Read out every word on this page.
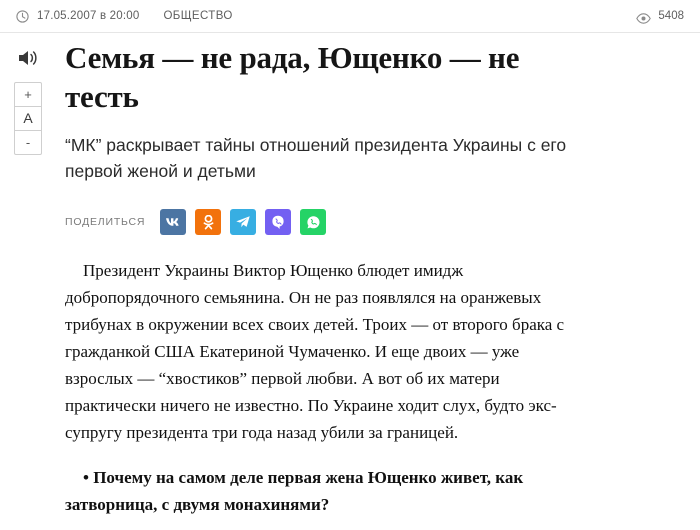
17.05.2007 в 20:00 ОБЩЕСТВО	5408
+
A
-
Семья — не рада, Ющенко — не тесть

“МК” раскрывает тайны отношений президента Украины с его первой женой и детьми

ПОДЕЛИТЬСЯ

Президент Украины Виктор Ющенко блюдет имидж добропорядочного семьянина. Он не раз появлялся на оранжевых трибунах в окружении всех своих детей. Троих — от второго брака с гражданкой США Екатериной Чумаченко. И еще двоих — уже взрослых — “хвостиков” первой любви. А вот об их матери практически ничего не известно. По Украине ходит слух, будто экс-супругу президента три года назад убили за границей.

• Почему на самом деле первая жена Ющенко живет, как затворница, с двумя монахинями?
